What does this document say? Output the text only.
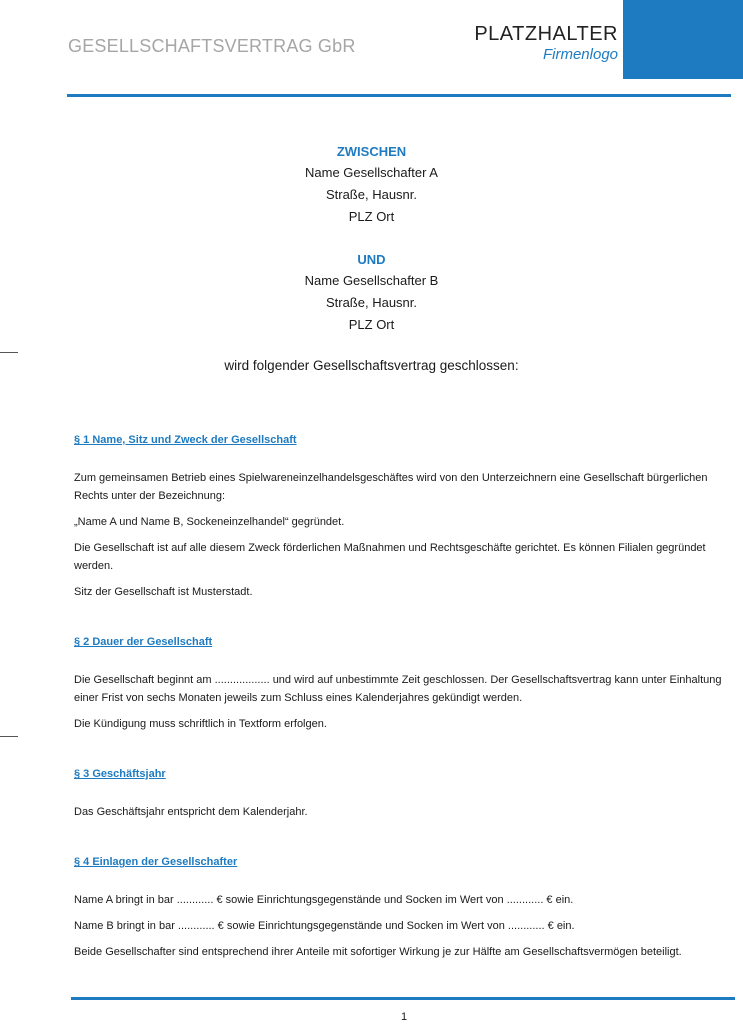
GESELLSCHAFTSVERTRAG GbR
PLATZHALTER
Firmenlogo
ZWISCHEN
Name Gesellschafter A
Straße, Hausnr.
PLZ Ort
UND
Name Gesellschafter B
Straße, Hausnr.
PLZ Ort
wird folgender Gesellschaftsvertrag geschlossen:
§ 1 Name, Sitz und Zweck der Gesellschaft

Zum gemeinsamen Betrieb eines Spielwareneinzelhandelsgeschäftes wird von den Unterzeichnern eine Gesellschaft bürgerlichen Rechts unter der Bezeichnung:

„Name A und Name B, Sockeneinzelhandel“ gegründet.

Die Gesellschaft ist auf alle diesem Zweck förderlichen Maßnahmen und Rechtsgeschäfte gerichtet. Es können Filialen gegründet werden.

Sitz der Gesellschaft ist Musterstadt.

§ 2 Dauer der Gesellschaft

Die Gesellschaft beginnt am .................. und wird auf unbestimmte Zeit geschlossen. Der Gesellschaftsvertrag kann unter Einhaltung einer Frist von sechs Monaten jeweils zum Schluss eines Kalenderjahres gekündigt werden.

Die Kündigung muss schriftlich in Textform erfolgen.

§ 3 Geschäftsjahr

Das Geschäftsjahr entspricht dem Kalenderjahr.

§ 4 Einlagen der Gesellschafter

Name A bringt in bar ............ € sowie Einrichtungsgegenstände und Socken im Wert von ............ € ein.

Name B bringt in bar ............ € sowie Einrichtungsgegenstände und Socken im Wert von ............ € ein.

Beide Gesellschafter sind entsprechend ihrer Anteile mit sofortiger Wirkung je zur Hälfte am Gesellschaftsvermögen beteiligt.

1
